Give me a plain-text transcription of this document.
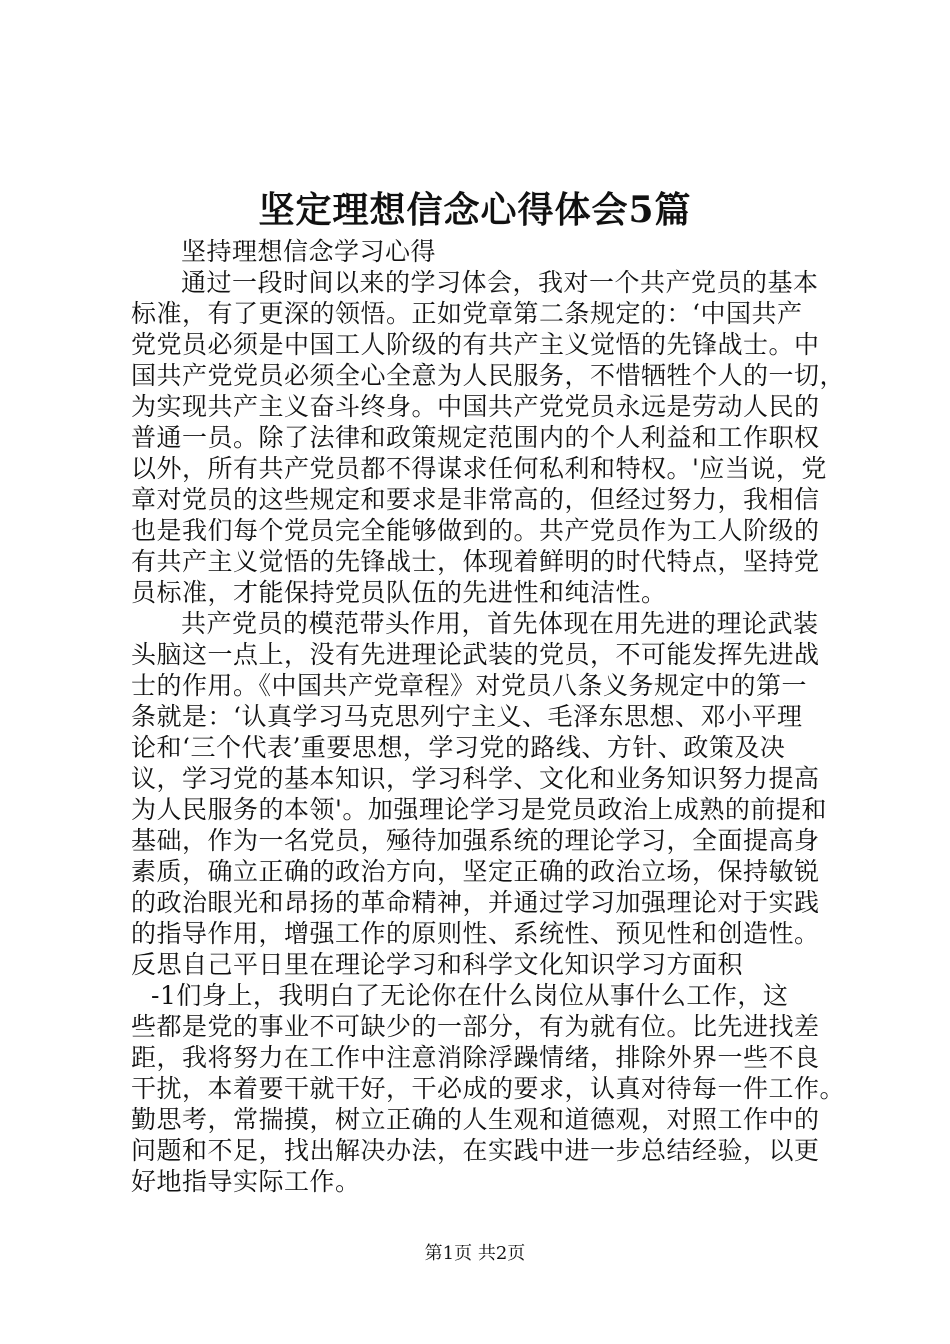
坚定理想信念心得体会5篇
坚持理想信念学习心得
通过一段时间以来的学习体会，我对一个共产党员的基本
标准，有了更深的领悟。正如党章第二条规定的：‘中国共产
党党员必须是中国工人阶级的有共产主义觉悟的先锋战士。中
国共产党党员必须全心全意为人民服务，不惜牺牲个人的一切，
为实现共产主义奋斗终身。中国共产党党员永远是劳动人民的
普通一员。除了法律和政策规定范围内的个人利益和工作职权
以外，所有共产党员都不得谋求任何私利和特权。'应当说，党
章对党员的这些规定和要求是非常高的，但经过努力，我相信
也是我们每个党员完全能够做到的。共产党员作为工人阶级的
有共产主义觉悟的先锋战士，体现着鲜明的时代特点，坚持党
员标准，才能保持党员队伍的先进性和纯洁性。
共产党员的模范带头作用，首先体现在用先进的理论武装
头脑这一点上，没有先进理论武装的党员，不可能发挥先进战
士的作用。《中国共产党章程》对党员八条义务规定中的第一
条就是：‘认真学习马克思列宁主义、毛泽东思想、邓小平理
论和‘三个代表’重要思想，学习党的路线、方针、政策及决
议，学习党的基本知识，学习科学、文化和业务知识努力提高
为人民服务的本领'。加强理论学习是党员政治上成熟的前提和
基础，作为一名党员，殛待加强系统的理论学习，全面提高身
素质，确立正确的政治方向，坚定正确的政治立场，保持敏锐
的政治眼光和昂扬的革命精神，并通过学习加强理论对于实践
的指导作用，增强工作的原则性、系统性、预见性和创造性。
反思自己平日里在理论学习和科学文化知识学习方面积
-1们身上，我明白了无论你在什么岗位从事什么工作，这
些都是党的事业不可缺少的一部分，有为就有位。比先进找差
距，我将努力在工作中注意消除浮躁情绪，排除外界一些不良
干扰，本着要干就干好，干必成的要求，认真对待每一件工作。
勤思考，常揣摸，树立正确的人生观和道德观，对照工作中的
问题和不足，找出解决办法，在实践中进一步总结经验，以更
好地指导实际工作。
第1页 共2页
